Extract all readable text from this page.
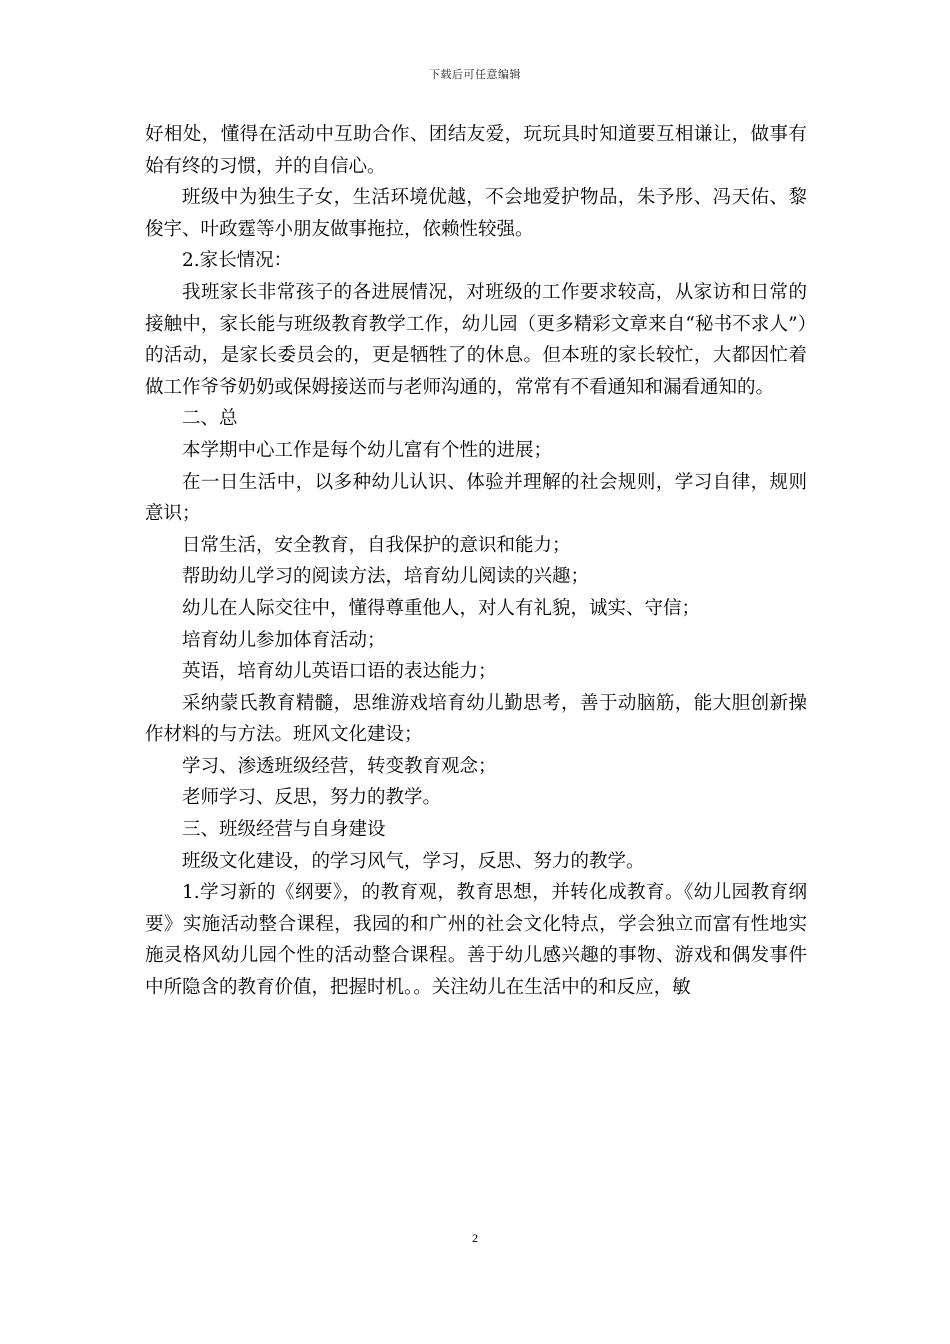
下载后可任意编辑

好相处，懂得在活动中互助合作、团结友爱，玩玩具时知道要互相谦让，做事有始有终的习惯，并的自信心。

班级中为独生子女，生活环境优越，不会地爱护物品，朱予彤、冯天佑、黎俊宇、叶政霆等小朋友做事拖拉，依赖性较强。

2.家长情况：

我班家长非常孩子的各进展情况，对班级的工作要求较高，从家访和日常的接触中，家长能与班级教育教学工作，幼儿园（更多精彩文章来自“秘书不求人”）的活动，是家长委员会的，更是牺牲了的休息。但本班的家长较忙，大都因忙着做工作爷爷奶奶或保姆接送而与老师沟通的，常常有不看通知和漏看通知的。

二、总

本学期中心工作是每个幼儿富有个性的进展；

在一日生活中，以多种幼儿认识、体验并理解的社会规则，学习自律，规则意识；

日常生活，安全教育，自我保护的意识和能力；

帮助幼儿学习的阅读方法，培育幼儿阅读的兴趣；

幼儿在人际交往中，懂得尊重他人，对人有礼貌，诚实、守信；

培育幼儿参加体育活动；

英语，培育幼儿英语口语的表达能力；

采纳蒙氏教育精髓，思维游戏培育幼儿勤思考，善于动脑筋，能大胆创新操作材料的与方法。班风文化建设；

学习、渗透班级经营，转变教育观念；

老师学习、反思，努力的教学。

三、班级经营与自身建设

班级文化建设，的学习风气，学习，反思、努力的教学。

1.学习新的《纲要》，的教育观，教育思想，并转化成教育。《幼儿园教育纲要》实施活动整合课程，我园的和广州的社会文化特点，学会独立而富有性地实施灵格风幼儿园个性的活动整合课程。善于幼儿感兴趣的事物、游戏和偶发事件中所隐含的教育价值，把握时机。。关注幼儿在生活中的和反应，敏

2
